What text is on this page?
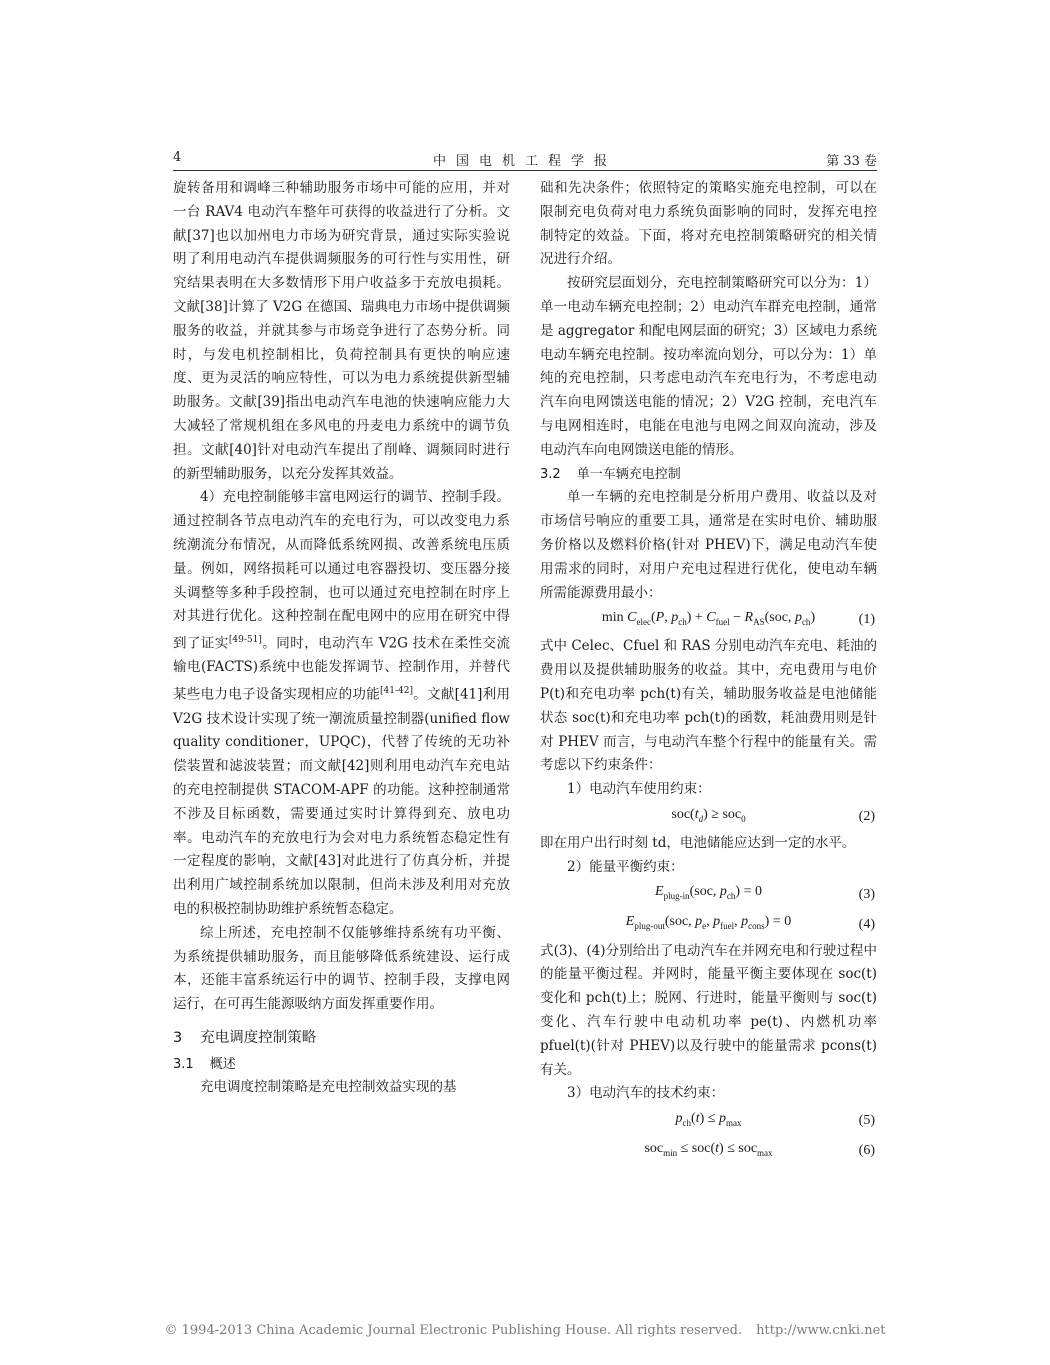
4	中国电机工程学报	第 33 卷

旋转备用和调峰三种辅助服务市场中可能的应用，并对一台 RAV4 电动汽车整年可获得的收益进行了分析。文献[37]也以加州电力市场为研究背景，通过实际实验说明了利用电动汽车提供调频服务的可行性与实用性，研究结果表明在大多数情形下用户收益多于充放电损耗。文献[38]计算了 V2G 在德国、瑞典电力市场中提供调频服务的收益，并就其参与市场竞争进行了态势分析。同时，与发电机控制相比，负荷控制具有更快的响应速度、更为灵活的响应特性，可以为电力系统提供新型辅助服务。文献[39]指出电动汽车电池的快速响应能力大大减轻了常规机组在多风电的丹麦电力系统中的调节负担。文献[40]针对电动汽车提出了削峰、调频同时进行的新型辅助服务，以充分发挥其效益。

4）充电控制能够丰富电网运行的调节、控制手段。通过控制各节点电动汽车的充电行为，可以改变电力系统潮流分布情况，从而降低系统网损、改善系统电压质量。例如，网络损耗可以通过电容器投切、变压器分接头调整等多种手段控制，也可以通过充电控制在时序上对其进行优化。这种控制在配电网中的应用在研究中得到了证实[49-51]。同时，电动汽车 V2G 技术在柔性交流输电(FACTS)系统中也能发挥调节、控制作用，并替代某些电力电子设备实现相应的功能[41-42]。文献[41]利用 V2G 技术设计实现了统一潮流质量控制器(unified flow quality conditioner，UPQC)，代替了传统的无功补偿装置和滤波装置；而文献[42]则利用电动汽车充电站的充电控制提供 STACOM-APF 的功能。这种控制通常不涉及目标函数，需要通过实时计算得到充、放电功率。电动汽车的充放电行为会对电力系统暂态稳定性有一定程度的影响，文献[43]对此进行了仿真分析，并提出利用广域控制系统加以限制，但尚未涉及利用对充放电的积极控制协助维护系统暂态稳定。

综上所述，充电控制不仅能够维持系统有功平衡、为系统提供辅助服务，而且能够降低系统建设、运行成本，还能丰富系统运行中的调节、控制手段，支撑电网运行，在可再生能源吸纳方面发挥重要作用。

3 充电调度控制策略
3.1 概述

充电调度控制策略是充电控制效益实现的基

础和先决条件；依照特定的策略实施充电控制，可以在限制充电负荷对电力系统负面影响的同时，发挥充电控制特定的效益。下面，将对充电控制策略研究的相关情况进行介绍。

按研究层面划分，充电控制策略研究可以分为：1）单一电动车辆充电控制；2）电动汽车群充电控制，通常是 aggregator 和配电网层面的研究；3）区域电力系统电动车辆充电控制。按功率流向划分，可以分为：1）单纯的充电控制，只考虑电动汽车充电行为，不考虑电动汽车向电网馈送电能的情况；2）V2G 控制，充电汽车与电网相连时，电能在电池与电网之间双向流动，涉及电动汽车向电网馈送电能的情形。

3.2 单一车辆充电控制

单一车辆的充电控制是分析用户费用、收益以及对市场信号响应的重要工具，通常是在实时电价、辅助服务价格以及燃料价格(针对 PHEV)下，满足电动汽车使用需求的同时，对用户充电过程进行优化，使电动车辆所需能源费用最小：

$\min C_{elec}(P$, $p_{ch}) + C_{fuel} - R_{AS}(soc$, $p_{ch}$)	(1)

式中 Celec、Cfuel 和 RAS 分别电动汽车充电、耗油的费用以及提供辅助服务的收益。其中，充电费用与电价 P(t)和充电功率 pch(t)有关，辅助服务收益是电池储能状态 soc(t)和充电功率 pch(t)的函数，耗油费用则是针对 PHEV 而言，与电动汽车整个行程中的能量有关。需考虑以下约束条件：

1）电动汽车使用约束：

$soc(t_d) \ge soc_0$	(2)

即在用户出行时刻 td，电池储能应达到一定的水平。

2）能量平衡约束：

$E_{plug-in}(soc$, $p_{ch}) = 0$	(3)
$E_{plug-out}(soc$, $p_e$, $p_{fuel}$, $p_{cons}) = 0$	(4)

式(3)、(4)分别给出了电动汽车在并网充电和行驶过程中的能量平衡过程。并网时，能量平衡主要体现在 soc(t)变化和 pch(t)上；脱网、行进时，能量平衡则与 soc(t)变化、汽车行驶中电动机功率 pe(t)、内燃机功率 pfuel(t)(针对 PHEV)以及行驶中的能量需求 pcons(t)有关。

3）电动汽车的技术约束：

$p_{ch}(t) \le p_{max}$	(5)
soc$_{min}$ ≤ soc(t) ≤ soc$_{max}$	(6)
© 1994-2013 China Academic Journal Electronic Publishing House. All rights reserved. http://www.cnki.net
